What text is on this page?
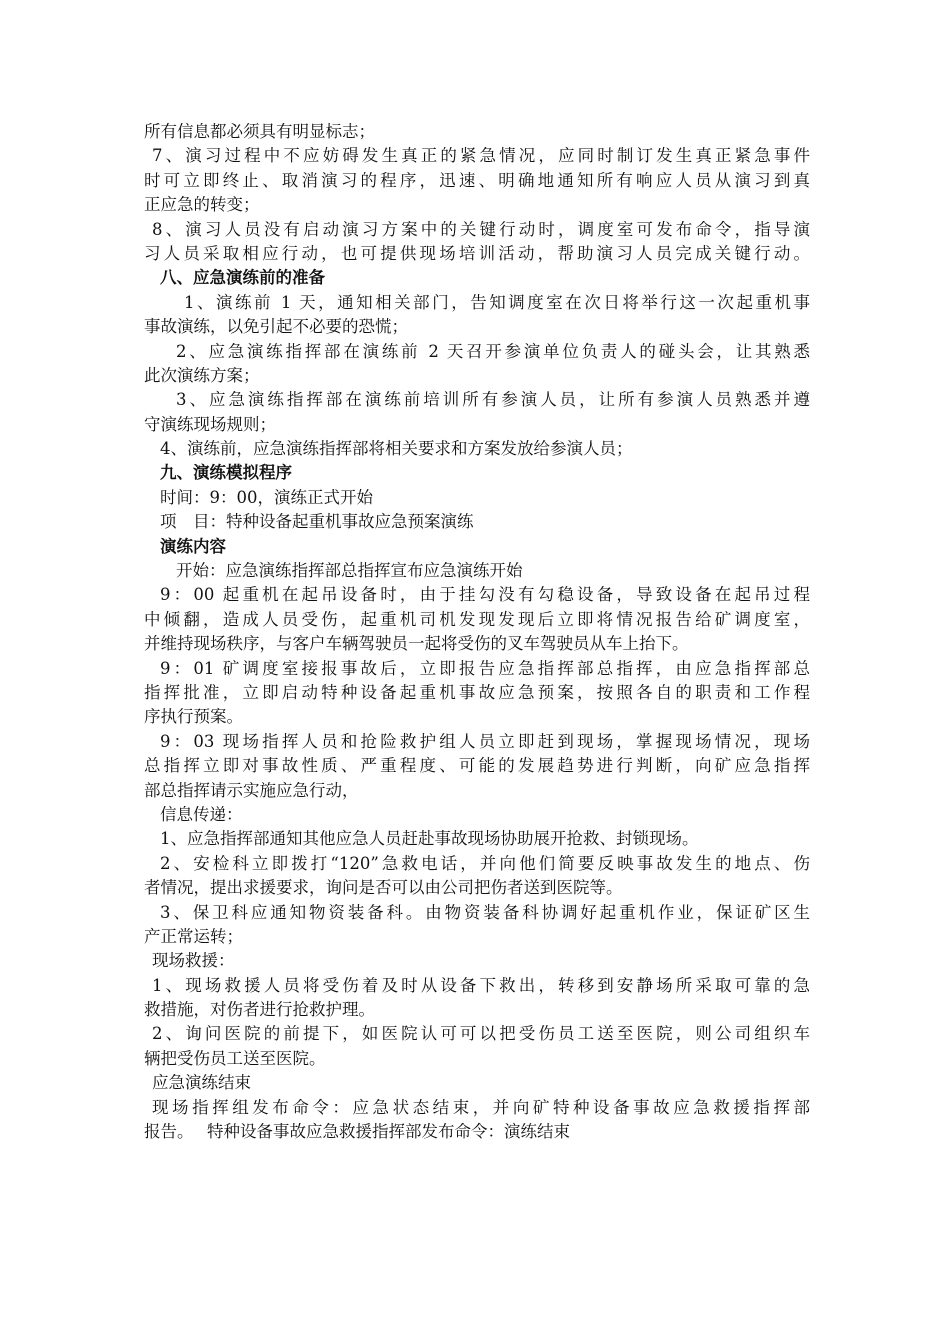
所有信息都必须具有明显标志；
7、演习过程中不应妨碍发生真正的紧急情况，应同时制订发生真正紧急事件
时可立即终止、取消演习的程序，迅速、明确地通知所有响应人员从演习到真
正应急的转变；
8、演习人员没有启动演习方案中的关键行动时，调度室可发布命令，指导演
习人员采取相应行动，也可提供现场培训活动，帮助演习人员完成关键行动。
八、应急演练前的准备
1、演练前 1 天，通知相关部门，告知调度室在次日将举行这一次起重机事
事故演练，以免引起不必要的恐慌；
2、应急演练指挥部在演练前 2 天召开参演单位负责人的碰头会，让其熟悉
此次演练方案；
3、应急演练指挥部在演练前培训所有参演人员，让所有参演人员熟悉并遵
守演练现场规则；
4、演练前，应急演练指挥部将相关要求和方案发放给参演人员；
九、演练模拟程序
时间：9：00，演练正式开始
项　目：特种设备起重机事故应急预案演练
演练内容
开始：应急演练指挥部总指挥宣布应急演练开始
9：00 起重机在起吊设备时，由于挂勾没有勾稳设备，导致设备在起吊过程
中倾翻，造成人员受伤，起重机司机发现发现后立即将情况报告给矿调度室，
并维持现场秩序，与客户车辆驾驶员一起将受伤的叉车驾驶员从车上抬下。
9：01 矿调度室接报事故后，立即报告应急指挥部总指挥，由应急指挥部总
指挥批准，立即启动特种设备起重机事故应急预案，按照各自的职责和工作程
序执行预案。
9：03 现场指挥人员和抢险救护组人员立即赶到现场，掌握现场情况，现场
总指挥立即对事故性质、严重程度、可能的发展趋势进行判断，向矿应急指挥
部总指挥请示实施应急行动，
信息传递：
1、应急指挥部通知其他应急人员赶赴事故现场协助展开抢救、封锁现场。
2、安检科立即拨打“120”急救电话，并向他们简要反映事故发生的地点、伤
者情况，提出求援要求，询问是否可以由公司把伤者送到医院等。
3、保卫科应通知物资装备科。由物资装备科协调好起重机作业，保证矿区生
产正常运转；
现场救援：
1、现场救援人员将受伤着及时从设备下救出，转移到安静场所采取可靠的急
救措施，对伤者进行抢救护理。
2、询问医院的前提下，如医院认可可以把受伤员工送至医院，则公司组织车
辆把受伤员工送至医院。
应急演练结束
现场指挥组发布命令：应急状态结束，并向矿特种设备事故应急救援指挥部
报告。　 特种设备事故应急救援指挥部发布命令：演练结束
